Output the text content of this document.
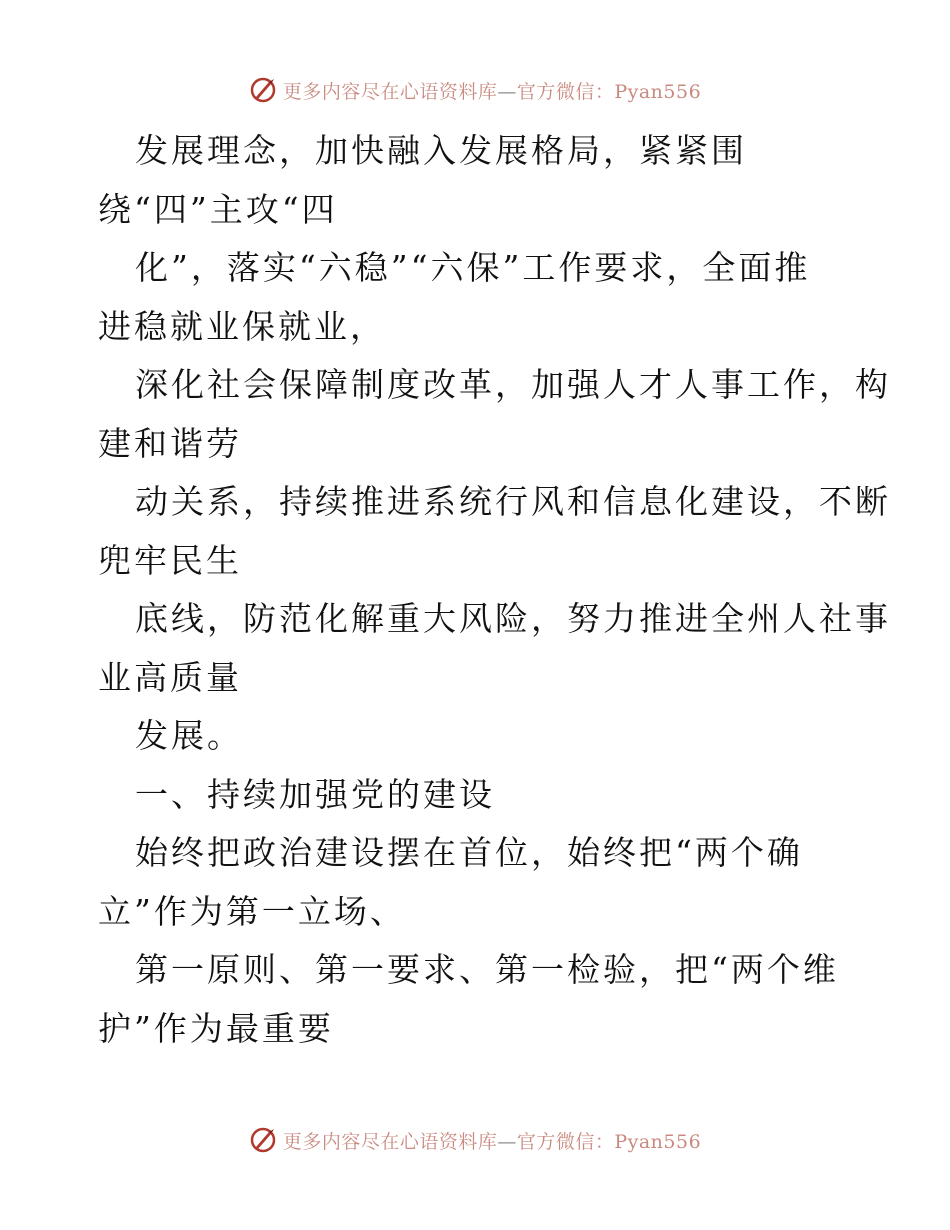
更多内容尽在心语资料库—官方微信：Pyan556
发展理念，加快融入发展格局，紧紧围
绕“四”主攻“四
化”，落实“六稳”“六保”工作要求，全面推
进稳就业保就业，
深化社会保障制度改革，加强人才人事工作，构
建和谐劳
动关系，持续推进系统行风和信息化建设，不断
兜牢民生
底线，防范化解重大风险，努力推进全州人社事
业高质量
发展。
一、持续加强党的建设
始终把政治建设摆在首位，始终把“两个确
立”作为第一立场、
第一原则、第一要求、第一检验，把“两个维
护”作为最重要
更多内容尽在心语资料库—官方微信：Pyan556
